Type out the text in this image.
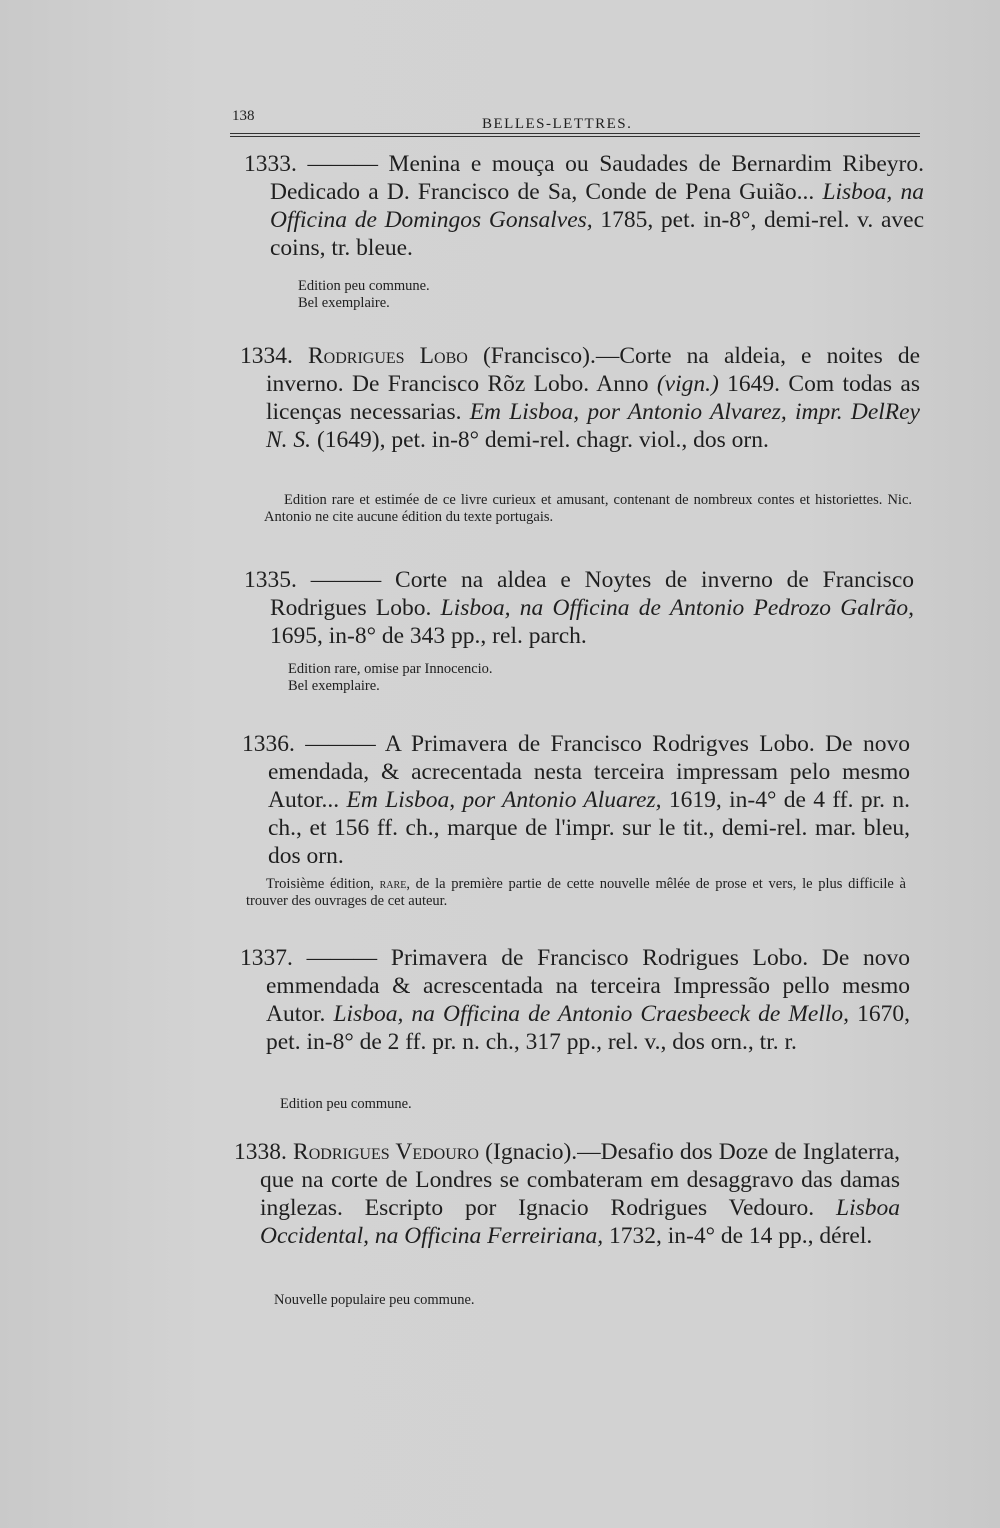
138	BELLES-LETTRES.

1333. ——— Menina e mouça ou Saudades de Bernardim Ribeyro. Dedicado a D. Francisco de Sa, Conde de Pena Guião... Lisboa, na Officina de Domingos Gonsalves, 1785, pet. in-8°, demi-rel. v. avec coins, tr. bleue.

Edition peu commune.

Bel exemplaire.

1334. Rodrigues Lobo (Francisco).—Corte na aldeia, e noites de inverno. De Francisco Rõz Lobo. Anno (vign.) 1649. Com todas as licenças necessarias. Em Lisboa, por Antonio Alvarez, impr. DelRey N. S. (1649), pet. in-8° demi-rel. chagr. viol., dos orn.

Edition rare et estimée de ce livre curieux et amusant, contenant de nombreux contes et historiettes. Nic. Antonio ne cite aucune édition du texte portugais.

1335. ——— Corte na aldea e Noytes de inverno de Francisco Rodrigues Lobo. Lisboa, na Officina de Antonio Pedrozo Galrão, 1695, in-8° de 343 pp., rel. parch.

Edition rare, omise par Innocencio.

Bel exemplaire.

1336. ——— A Primavera de Francisco Rodrigves Lobo. De novo emendada, & acrecentada nesta terceira impressam pelo mesmo Autor... Em Lisboa, por Antonio Aluarez, 1619, in-4° de 4 ff. pr. n. ch., et 156 ff. ch., marque de l'impr. sur le tit., demi-rel. mar. bleu, dos orn.

Troisième édition, rare, de la première partie de cette nouvelle mêlée de prose et vers, le plus difficile à trouver des ouvrages de cet auteur.

1337. ——— Primavera de Francisco Rodrigues Lobo. De novo emmendada & acrescentada na terceira Impressão pello mesmo Autor. Lisboa, na Officina de Antonio Craesbeeck de Mello, 1670, pet. in-8° de 2 ff. pr. n. ch., 317 pp., rel. v., dos orn., tr. r.

Edition peu commune.

1338. Rodrigues Vedouro (Ignacio).—Desafio dos Doze de Inglaterra, que na corte de Londres se combateram em desaggravo das damas inglezas. Escripto por Ignacio Rodrigues Vedouro. Lisboa Occidental, na Officina Ferreiriana, 1732, in-4° de 14 pp., dérel.

Nouvelle populaire peu commune.
